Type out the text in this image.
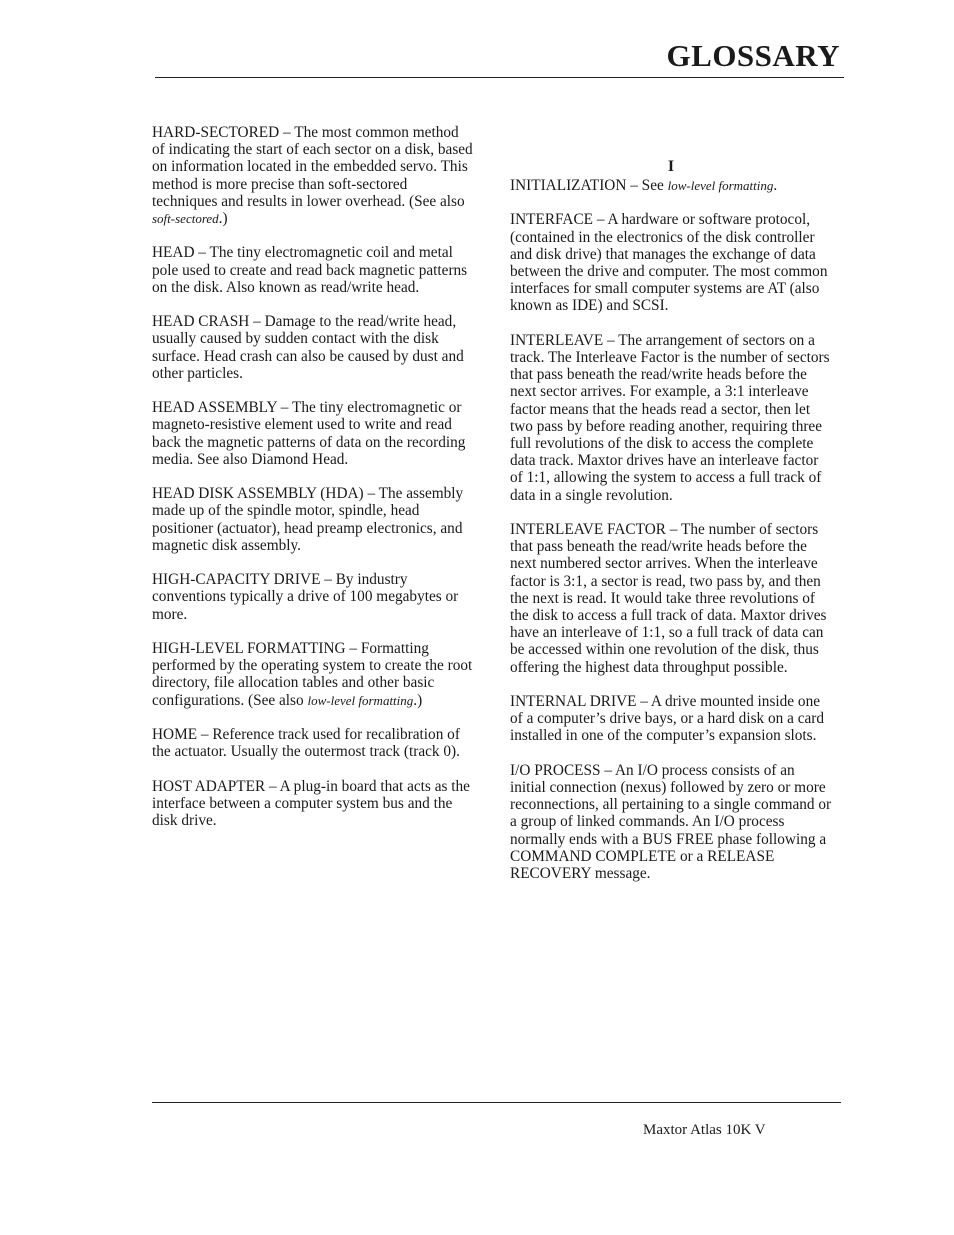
GLOSSARY

HARD-SECTORED – The most common method of indicating the start of each sector on a disk, based on information located in the embedded servo. This method is more precise than soft-sectored techniques and results in lower overhead. (See also soft-sectored.)

HEAD – The tiny electromagnetic coil and metal pole used to create and read back magnetic patterns on the disk. Also known as read/write head.

HEAD CRASH – Damage to the read/write head, usually caused by sudden contact with the disk surface. Head crash can also be caused by dust and other particles.

HEAD ASSEMBLY – The tiny electromagnetic or magneto-resistive element used to write and read back the magnetic patterns of data on the recording media. See also Diamond Head.

HEAD DISK ASSEMBLY (HDA) – The assembly made up of the spindle motor, spindle, head positioner (actuator), head preamp electronics, and magnetic disk assembly.

HIGH-CAPACITY DRIVE – By industry conventions typically a drive of 100 megabytes or more.

HIGH-LEVEL FORMATTING – Formatting performed by the operating system to create the root directory, file allocation tables and other basic configurations. (See also low-level formatting.)

HOME – Reference track used for recalibration of the actuator. Usually the outermost track (track 0).

HOST ADAPTER – A plug-in board that acts as the interface between a computer system bus and the disk drive.

I

INITIALIZATION – See low-level formatting.

INTERFACE – A hardware or software protocol, (contained in the electronics of the disk controller and disk drive) that manages the exchange of data between the drive and computer. The most common interfaces for small computer systems are AT (also known as IDE) and SCSI.

INTERLEAVE – The arrangement of sectors on a track. The Interleave Factor is the number of sectors that pass beneath the read/write heads before the next sector arrives. For example, a 3:1 interleave factor means that the heads read a sector, then let two pass by before reading another, requiring three full revolutions of the disk to access the complete data track. Maxtor drives have an interleave factor of 1:1, allowing the system to access a full track of data in a single revolution.

INTERLEAVE FACTOR – The number of sectors that pass beneath the read/write heads before the next numbered sector arrives. When the interleave factor is 3:1, a sector is read, two pass by, and then the next is read. It would take three revolutions of the disk to access a full track of data. Maxtor drives have an interleave of 1:1, so a full track of data can be accessed within one revolution of the disk, thus offering the highest data throughput possible.

INTERNAL DRIVE – A drive mounted inside one of a computer’s drive bays, or a hard disk on a card installed in one of the computer’s expansion slots.

I/O PROCESS – An I/O process consists of an initial connection (nexus) followed by zero or more reconnections, all pertaining to a single command or a group of linked commands. An I/O process normally ends with a BUS FREE phase following a COMMAND COMPLETE or a RELEASE RECOVERY message.

Maxtor Atlas 10K V
